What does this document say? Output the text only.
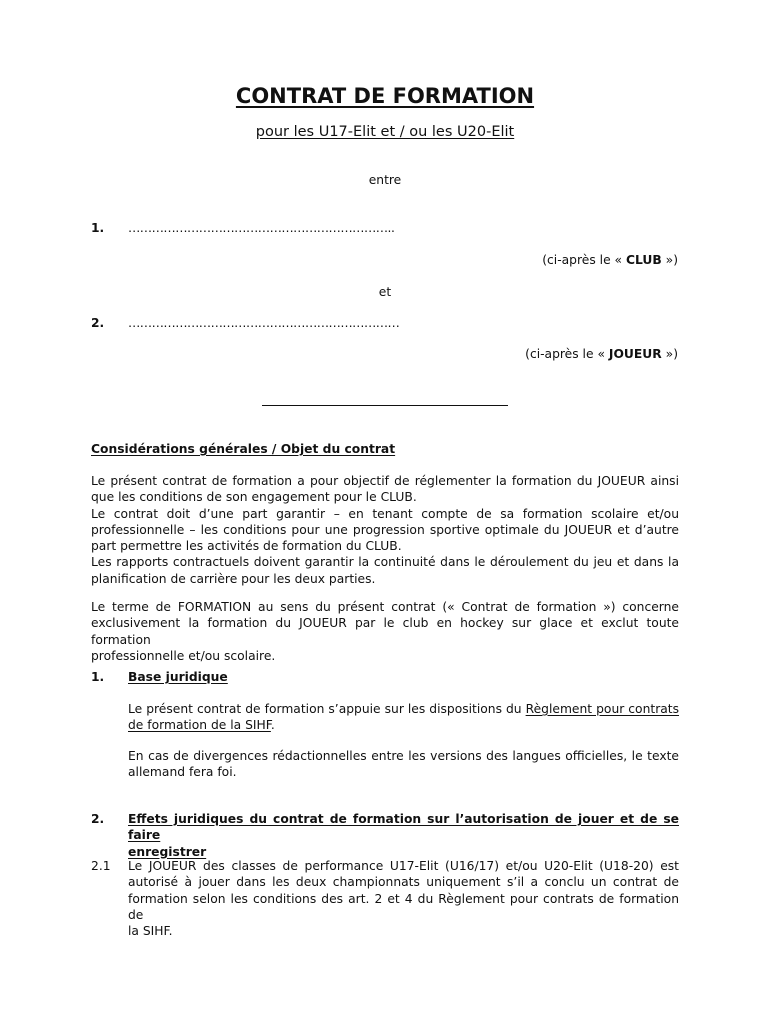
CONTRAT DE FORMATION
pour les U17-Elit et / ou les U20-Elit
entre
1. …………………………………………………………..
(ci-après le « CLUB »)
et
2. ……………………………………………………………
(ci-après le « JOUEUR »)
Considérations générales / Objet du contrat
Le présent contrat de formation a pour objectif de réglementer la formation du JOUEUR ainsi
que les conditions de son engagement pour le CLUB.
Le contrat doit d’une part garantir – en tenant compte de sa formation scolaire et/ou
professionnelle – les conditions pour une progression sportive optimale du JOUEUR et d’autre
part permettre les activités de formation du CLUB.
Les rapports contractuels doivent garantir la continuité dans le déroulement du jeu et dans la
planification de carrière pour les deux parties.
Le terme de FORMATION au sens du présent contrat (« Contrat de formation ») concerne
exclusivement la formation du JOUEUR par le club en hockey sur glace et exclut toute formation
professionnelle et/ou scolaire.
1. Base juridique
Le présent contrat de formation s’appuie sur les dispositions du Règlement pour contrats
de formation de la SIHF.
En cas de divergences rédactionnelles entre les versions des langues officielles, le texte
allemand fera foi.
2. Effets juridiques du contrat de formation sur l’autorisation de jouer et de se faire
enregistrer
2.1 Le JOUEUR des classes de performance U17-Elit (U16/17) et/ou U20-Elit (U18-20) est
autorisé à jouer dans les deux championnats uniquement s’il a conclu un contrat de
formation selon les conditions des art. 2 et 4 du Règlement pour contrats de formation de
la SIHF.
